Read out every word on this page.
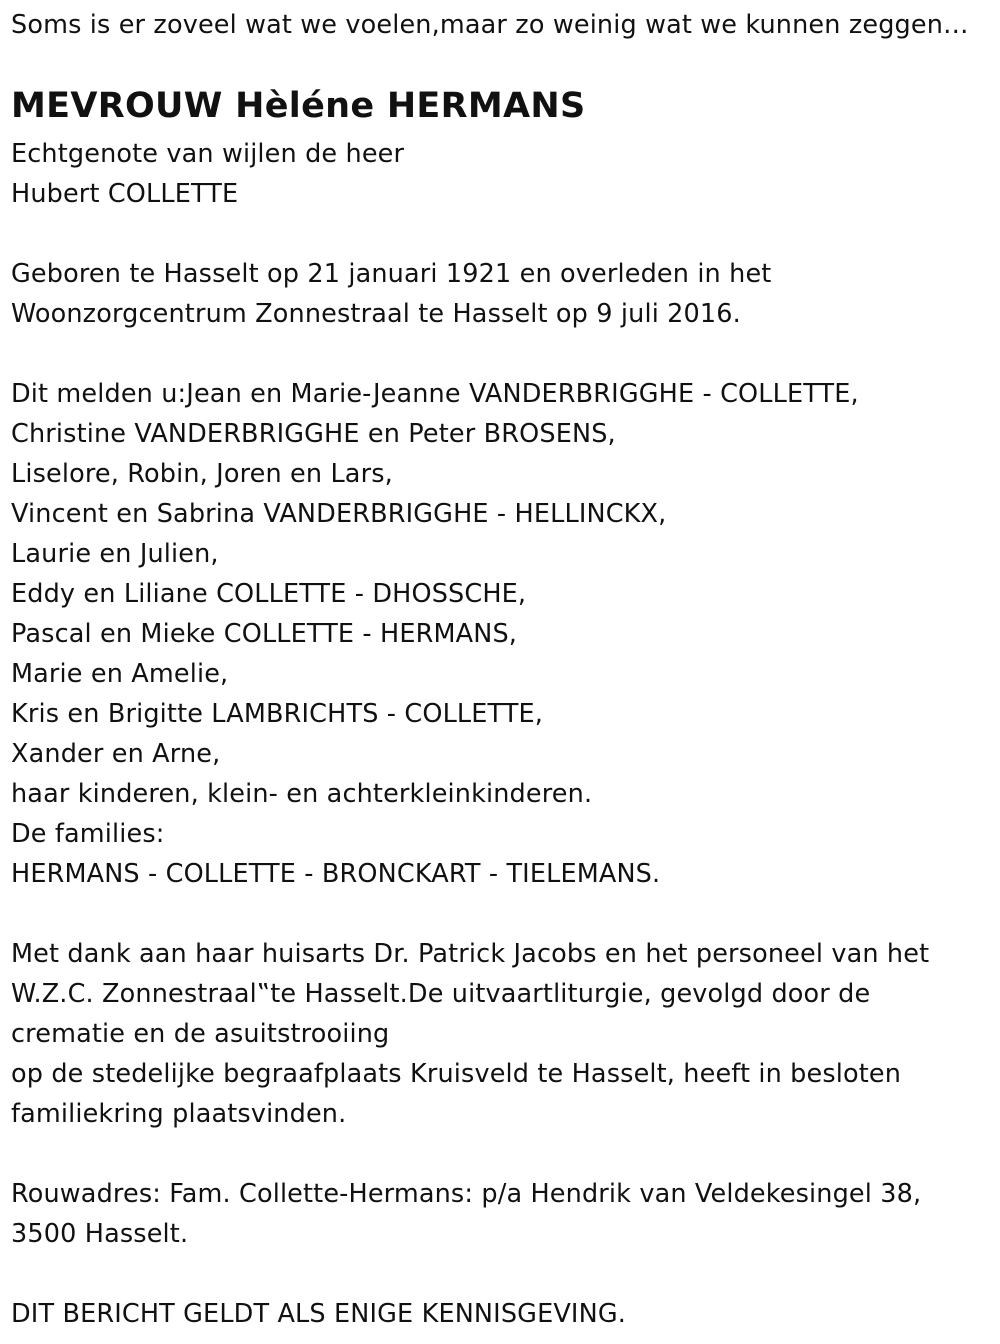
Soms is er zoveel wat we voelen,maar zo weinig wat we kunnen zeggen…
MEVROUW Hèléne HERMANS
Echtgenote van wijlen de heer
Hubert COLLETTE
Geboren te Hasselt op 21 januari 1921 en overleden in het
Woonzorgcentrum Zonnestraal te Hasselt op 9 juli 2016.
Dit melden u:Jean en Marie-Jeanne VANDERBRIGGHE - COLLETTE,
Christine VANDERBRIGGHE en Peter BROSENS,
Liselore, Robin, Joren en Lars,
Vincent en Sabrina VANDERBRIGGHE - HELLINCKX,
Laurie en Julien,
Eddy en Liliane COLLETTE - DHOSSCHE,
Pascal en Mieke COLLETTE - HERMANS,
Marie en Amelie,
Kris en Brigitte LAMBRICHTS - COLLETTE,
Xander en Arne,
haar kinderen, klein- en achterkleinkinderen.
De families:
HERMANS - COLLETTE - BRONCKART - TIELEMANS.
Met dank aan haar huisarts Dr. Patrick Jacobs en het personeel van het
W.Z.C. Zonnestraal‟te Hasselt.De uitvaartliturgie, gevolgd door de
crematie en de asuitstrooiing
op de stedelijke begraafplaats Kruisveld te Hasselt, heeft in besloten
familiekring plaatsvinden.
Rouwadres: Fam. Collette-Hermans: p/a Hendrik van Veldekesingel 38,
3500 Hasselt.
DIT BERICHT GELDT ALS ENIGE KENNISGEVING.
